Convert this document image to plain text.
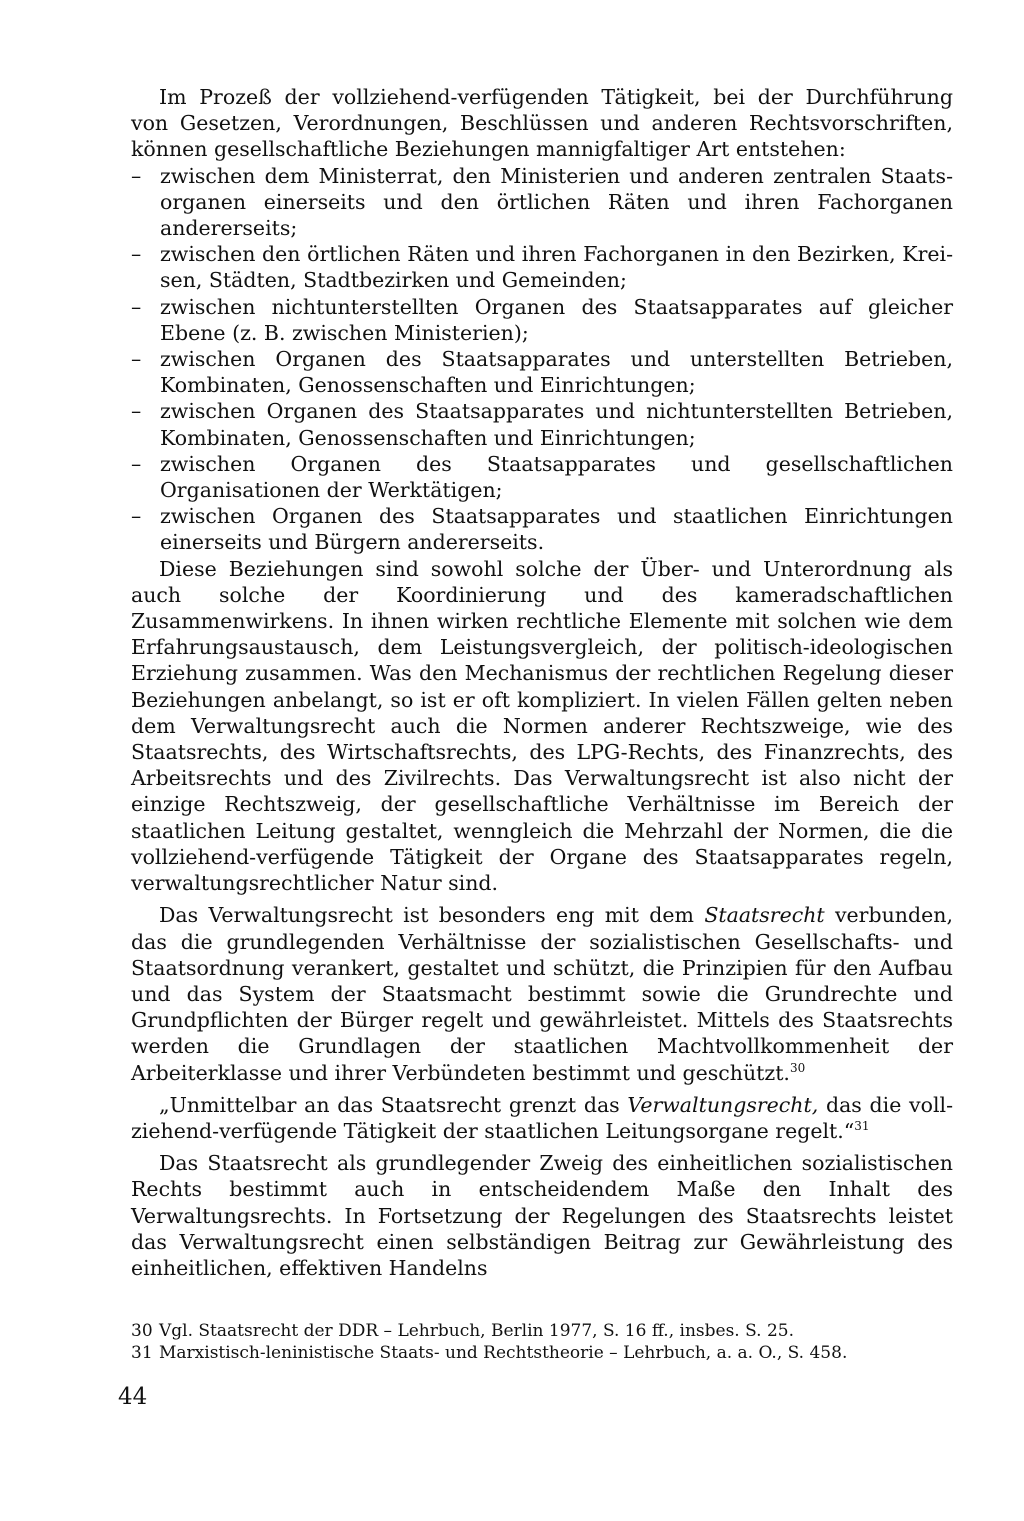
Im Prozeß der vollziehend-verfügenden Tätigkeit, bei der Durchführung von Gesetzen, Verordnungen, Beschlüssen und anderen Rechtsvorschriften, können gesellschaftliche Beziehungen mannigfaltiger Art entstehen:

– zwischen dem Ministerrat, den Ministerien und anderen zentralen Staatsorganen einerseits und den örtlichen Räten und ihren Fachorganen andererseits;
– zwischen den örtlichen Räten und ihren Fachorganen in den Bezirken, Kreisen, Städten, Stadtbezirken und Gemeinden;
– zwischen nichtunterstellten Organen des Staatsapparates auf gleicher Ebene (z. B. zwischen Ministerien);
– zwischen Organen des Staatsapparates und unterstellten Betrieben, Kombinaten, Genossenschaften und Einrichtungen;
– zwischen Organen des Staatsapparates und nichtunterstellten Betrieben, Kombinaten, Genossenschaften und Einrichtungen;
– zwischen Organen des Staatsapparates und gesellschaftlichen Organisationen der Werktätigen;
– zwischen Organen des Staatsapparates und staatlichen Einrichtungen einerseits und Bürgern andererseits.

Diese Beziehungen sind sowohl solche der Über- und Unterordnung als auch solche der Koordinierung und des kameradschaftlichen Zusammenwirkens. In ihnen wirken rechtliche Elemente mit solchen wie dem Erfahrungsaustausch, dem Leistungsvergleich, der politisch-ideologischen Erziehung zusammen. Was den Mechanismus der rechtlichen Regelung dieser Beziehungen anbelangt, so ist er oft kompliziert. In vielen Fällen gelten neben dem Verwaltungsrecht auch die Normen anderer Rechtszweige, wie des Staatsrechts, des Wirtschaftsrechts, des LPG-Rechts, des Finanzrechts, des Arbeitsrechts und des Zivilrechts. Das Verwaltungsrecht ist also nicht der einzige Rechtszweig, der gesellschaftliche Verhältnisse im Bereich der staatlichen Leitung gestaltet, wenngleich die Mehrzahl der Normen, die die vollziehend-verfügende Tätigkeit der Organe des Staatsapparates regeln, verwaltungsrechtlicher Natur sind.

Das Verwaltungsrecht ist besonders eng mit dem Staatsrecht verbunden, das die grundlegenden Verhältnisse der sozialistischen Gesellschafts- und Staatsordnung verankert, gestaltet und schützt, die Prinzipien für den Aufbau und das System der Staatsmacht bestimmt sowie die Grundrechte und Grundpflichten der Bürger regelt und gewährleistet. Mittels des Staatsrechts werden die Grundlagen der staatlichen Machtvollkommenheit der Arbeiterklasse und ihrer Verbündeten bestimmt und geschützt.$^{30}$

„Unmittelbar an das Staatsrecht grenzt das Verwaltungsrecht, das die vollziehend-verfügende Tätigkeit der staatlichen Leitungsorgane regelt.“$^{31}$

Das Staatsrecht als grundlegender Zweig des einheitlichen sozialistischen Rechts bestimmt auch in entscheidendem Maße den Inhalt des Verwaltungsrechts. In Fortsetzung der Regelungen des Staatsrechts leistet das Verwaltungsrecht einen selbständigen Beitrag zur Gewährleistung des einheitlichen, effektiven Handelns

30 Vgl. Staatsrecht der DDR – Lehrbuch, Berlin 1977, S. 16 ff., insbes. S. 25.

31 Marxistisch-leninistische Staats- und Rechtstheorie – Lehrbuch, a. a. O., S. 458.

44
